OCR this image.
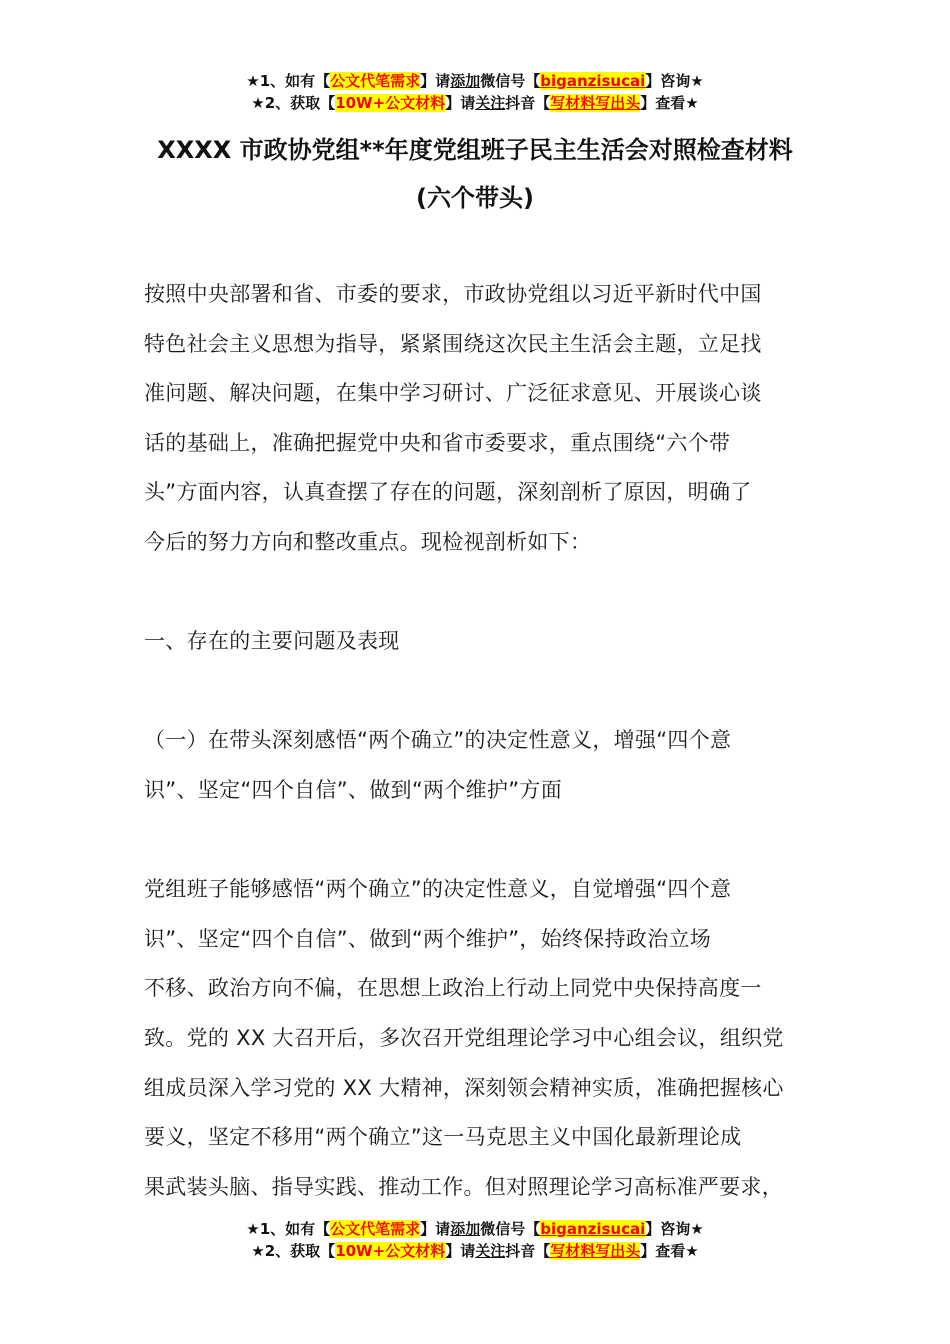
★1、如有【公文代笔需求】请添加微信号【biganzisucai】咨询★
★2、获取【10W+公文材料】请关注抖音【写材料写出头】查看★
XXXX 市政协党组**年度党组班子民主生活会对照检查材料
(六个带头)

按照中央部署和省、市委的要求，市政协党组以习近平新时代中国

特色社会主义思想为指导，紧紧围绕这次民主生活会主题，立足找

准问题、解决问题，在集中学习研讨、广泛征求意见、开展谈心谈

话的基础上，准确把握党中央和省市委要求，重点围绕“六个带

头”方面内容，认真查摆了存在的问题，深刻剖析了原因，明确了

今后的努力方向和整改重点。现检视剖析如下：

一、存在的主要问题及表现

（一）在带头深刻感悟“两个确立”的决定性意义，增强“四个意

识”、坚定“四个自信”、做到“两个维护”方面

党组班子能够感悟“两个确立”的决定性意义，自觉增强“四个意

识”、坚定“四个自信”、做到“两个维护”，始终保持政治立场

不移、政治方向不偏，在思想上政治上行动上同党中央保持高度一

致。党的 XX 大召开后，多次召开党组理论学习中心组会议，组织党

组成员深入学习党的 XX 大精神，深刻领会精神实质，准确把握核心

要义，坚定不移用“两个确立”这一马克思主义中国化最新理论成

果武装头脑、指导实践、推动工作。但对照理论学习高标准严要求，

★1、如有【公文代笔需求】请添加微信号【biganzisucai】咨询★
★2、获取【10W+公文材料】请关注抖音【写材料写出头】查看★
